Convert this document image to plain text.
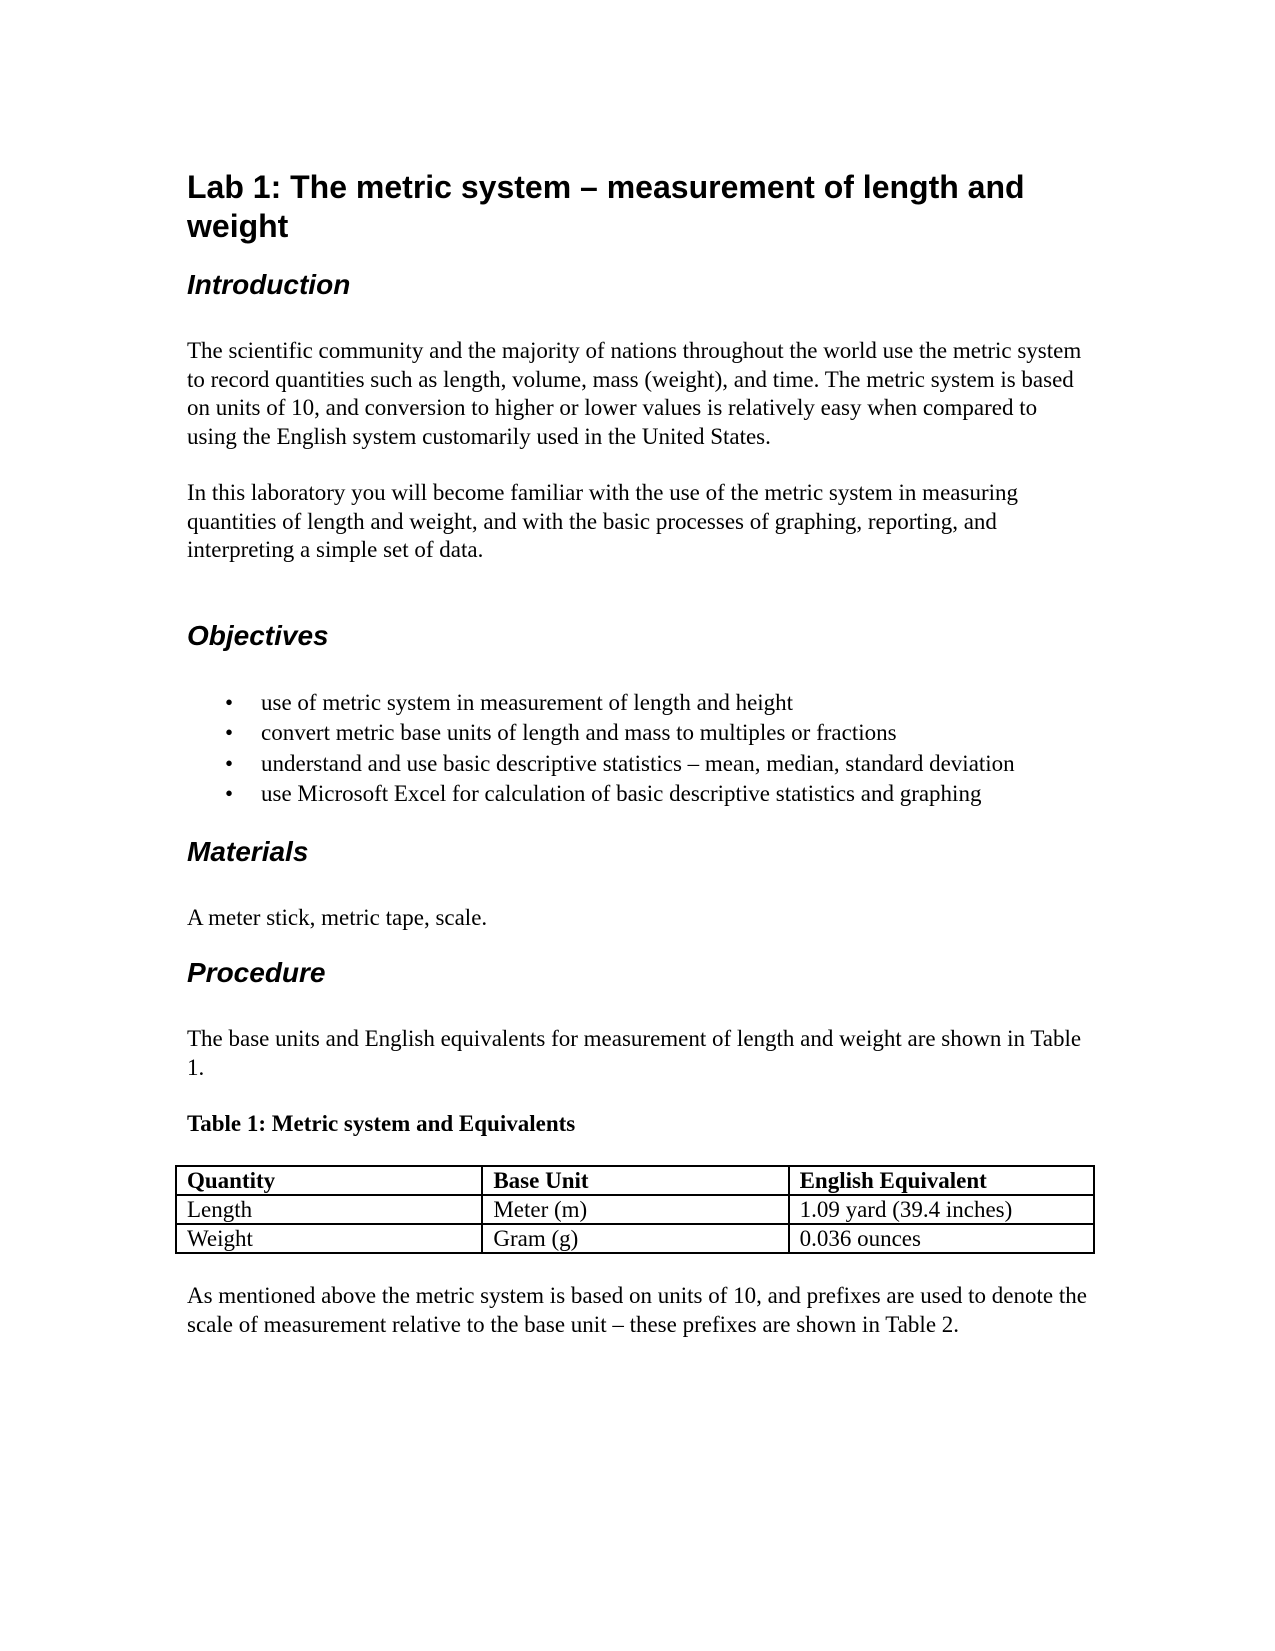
Lab 1: The metric system – measurement of length and weight
Introduction

The scientific community and the majority of nations throughout the world use the metric system to record quantities such as length, volume, mass (weight), and time. The metric system is based on units of 10, and conversion to higher or lower values is relatively easy when compared to using the English system customarily used in the United States.

In this laboratory you will become familiar with the use of the metric system in measuring quantities of length and weight, and with the basic processes of graphing, reporting, and interpreting a simple set of data.

Objectives
• use of metric system in measurement of length and height
• convert metric base units of length and mass to multiples or fractions
• understand and use basic descriptive statistics – mean, median, standard deviation
• use Microsoft Excel for calculation of basic descriptive statistics and graphing
Materials

A meter stick, metric tape, scale.

Procedure

The base units and English equivalents for measurement of length and weight are shown in Table 1.

Table 1: Metric system and Equivalents

Quantity	Base Unit	English Equivalent
Length	Meter (m)	1.09 yard (39.4 inches)
Weight	Gram (g)	0.036 ounces

As mentioned above the metric system is based on units of 10, and prefixes are used to denote the scale of measurement relative to the base unit – these prefixes are shown in Table 2.
